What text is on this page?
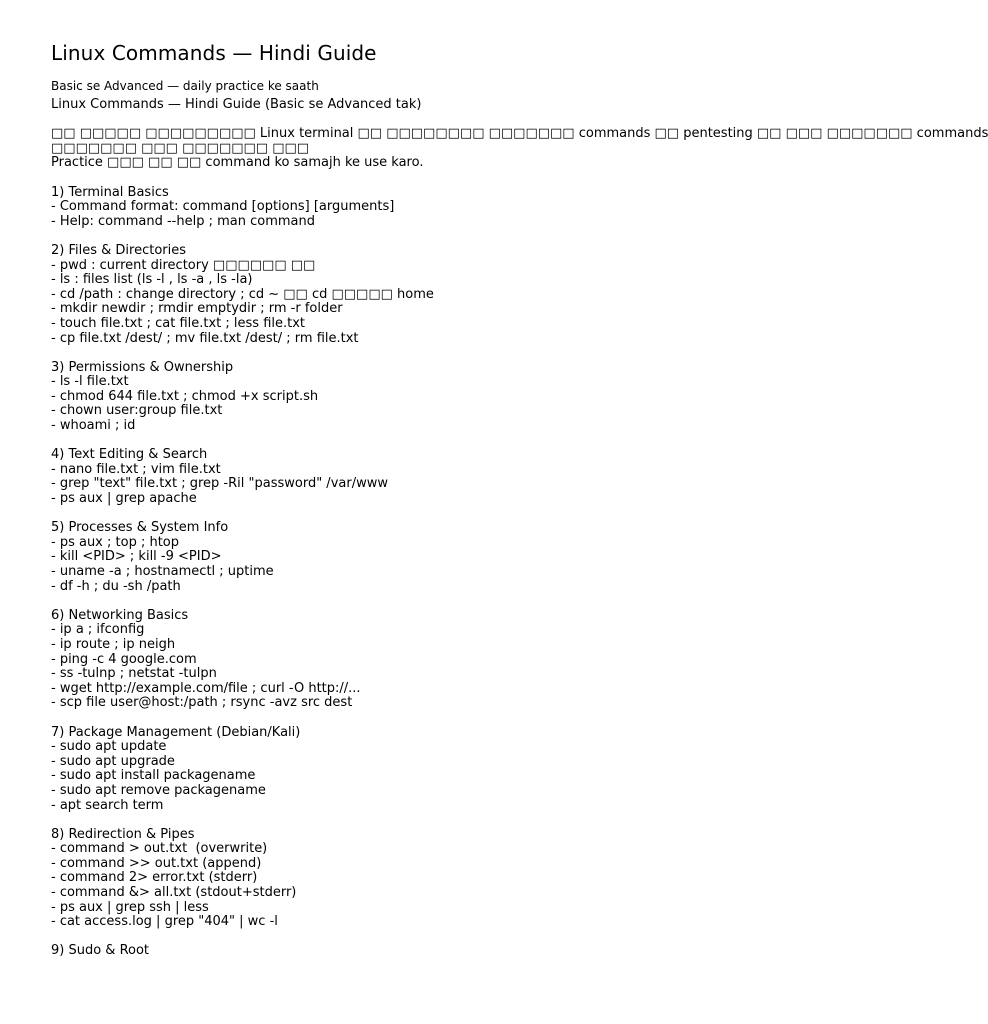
Linux Commands — Hindi Guide
Basic se Advanced — daily practice ke saath
Linux Commands — Hindi Guide (Basic se Advanced tak)
□□ □□□□□ □□□□□□□□□ Linux terminal □□ □□□□□□□□ □□□□□□□ commands □□ pentesting □□ □□□ □□□□□□□ commands
□□□□□□□ □□□ □□□□□□□ □□□
Practice □□□ □□ □□ command ko samajh ke use karo.
1) Terminal Basics
- Command format: command [options] [arguments]
- Help: command --help ; man command
2) Files & Directories
- pwd : current directory □□□□□□ □□
- ls : files list (ls -l , ls -a , ls -la)
- cd /path : change directory ; cd ~ □□ cd □□□□□ home
- mkdir newdir ; rmdir emptydir ; rm -r folder
- touch file.txt ; cat file.txt ; less file.txt
- cp file.txt /dest/ ; mv file.txt /dest/ ; rm file.txt
3) Permissions & Ownership
- ls -l file.txt
- chmod 644 file.txt ; chmod +x script.sh
- chown user:group file.txt
- whoami ; id
4) Text Editing & Search
- nano file.txt ; vim file.txt
- grep "text" file.txt ; grep -Ril "password" /var/www
- ps aux | grep apache
5) Processes & System Info
- ps aux ; top ; htop
- kill <PID> ; kill -9 <PID>
- uname -a ; hostnamectl ; uptime
- df -h ; du -sh /path
6) Networking Basics
- ip a ; ifconfig
- ip route ; ip neigh
- ping -c 4 google.com
- ss -tulnp ; netstat -tulpn
- wget http://example.com/file ; curl -O http://...
- scp file user@host:/path ; rsync -avz src dest
7) Package Management (Debian/Kali)
- sudo apt update
- sudo apt upgrade
- sudo apt install packagename
- sudo apt remove packagename
- apt search term
8) Redirection & Pipes
- command > out.txt  (overwrite)
- command >> out.txt (append)
- command 2> error.txt (stderr)
- command &> all.txt (stdout+stderr)
- ps aux | grep ssh | less
- cat access.log | grep "404" | wc -l
9) Sudo & Root
